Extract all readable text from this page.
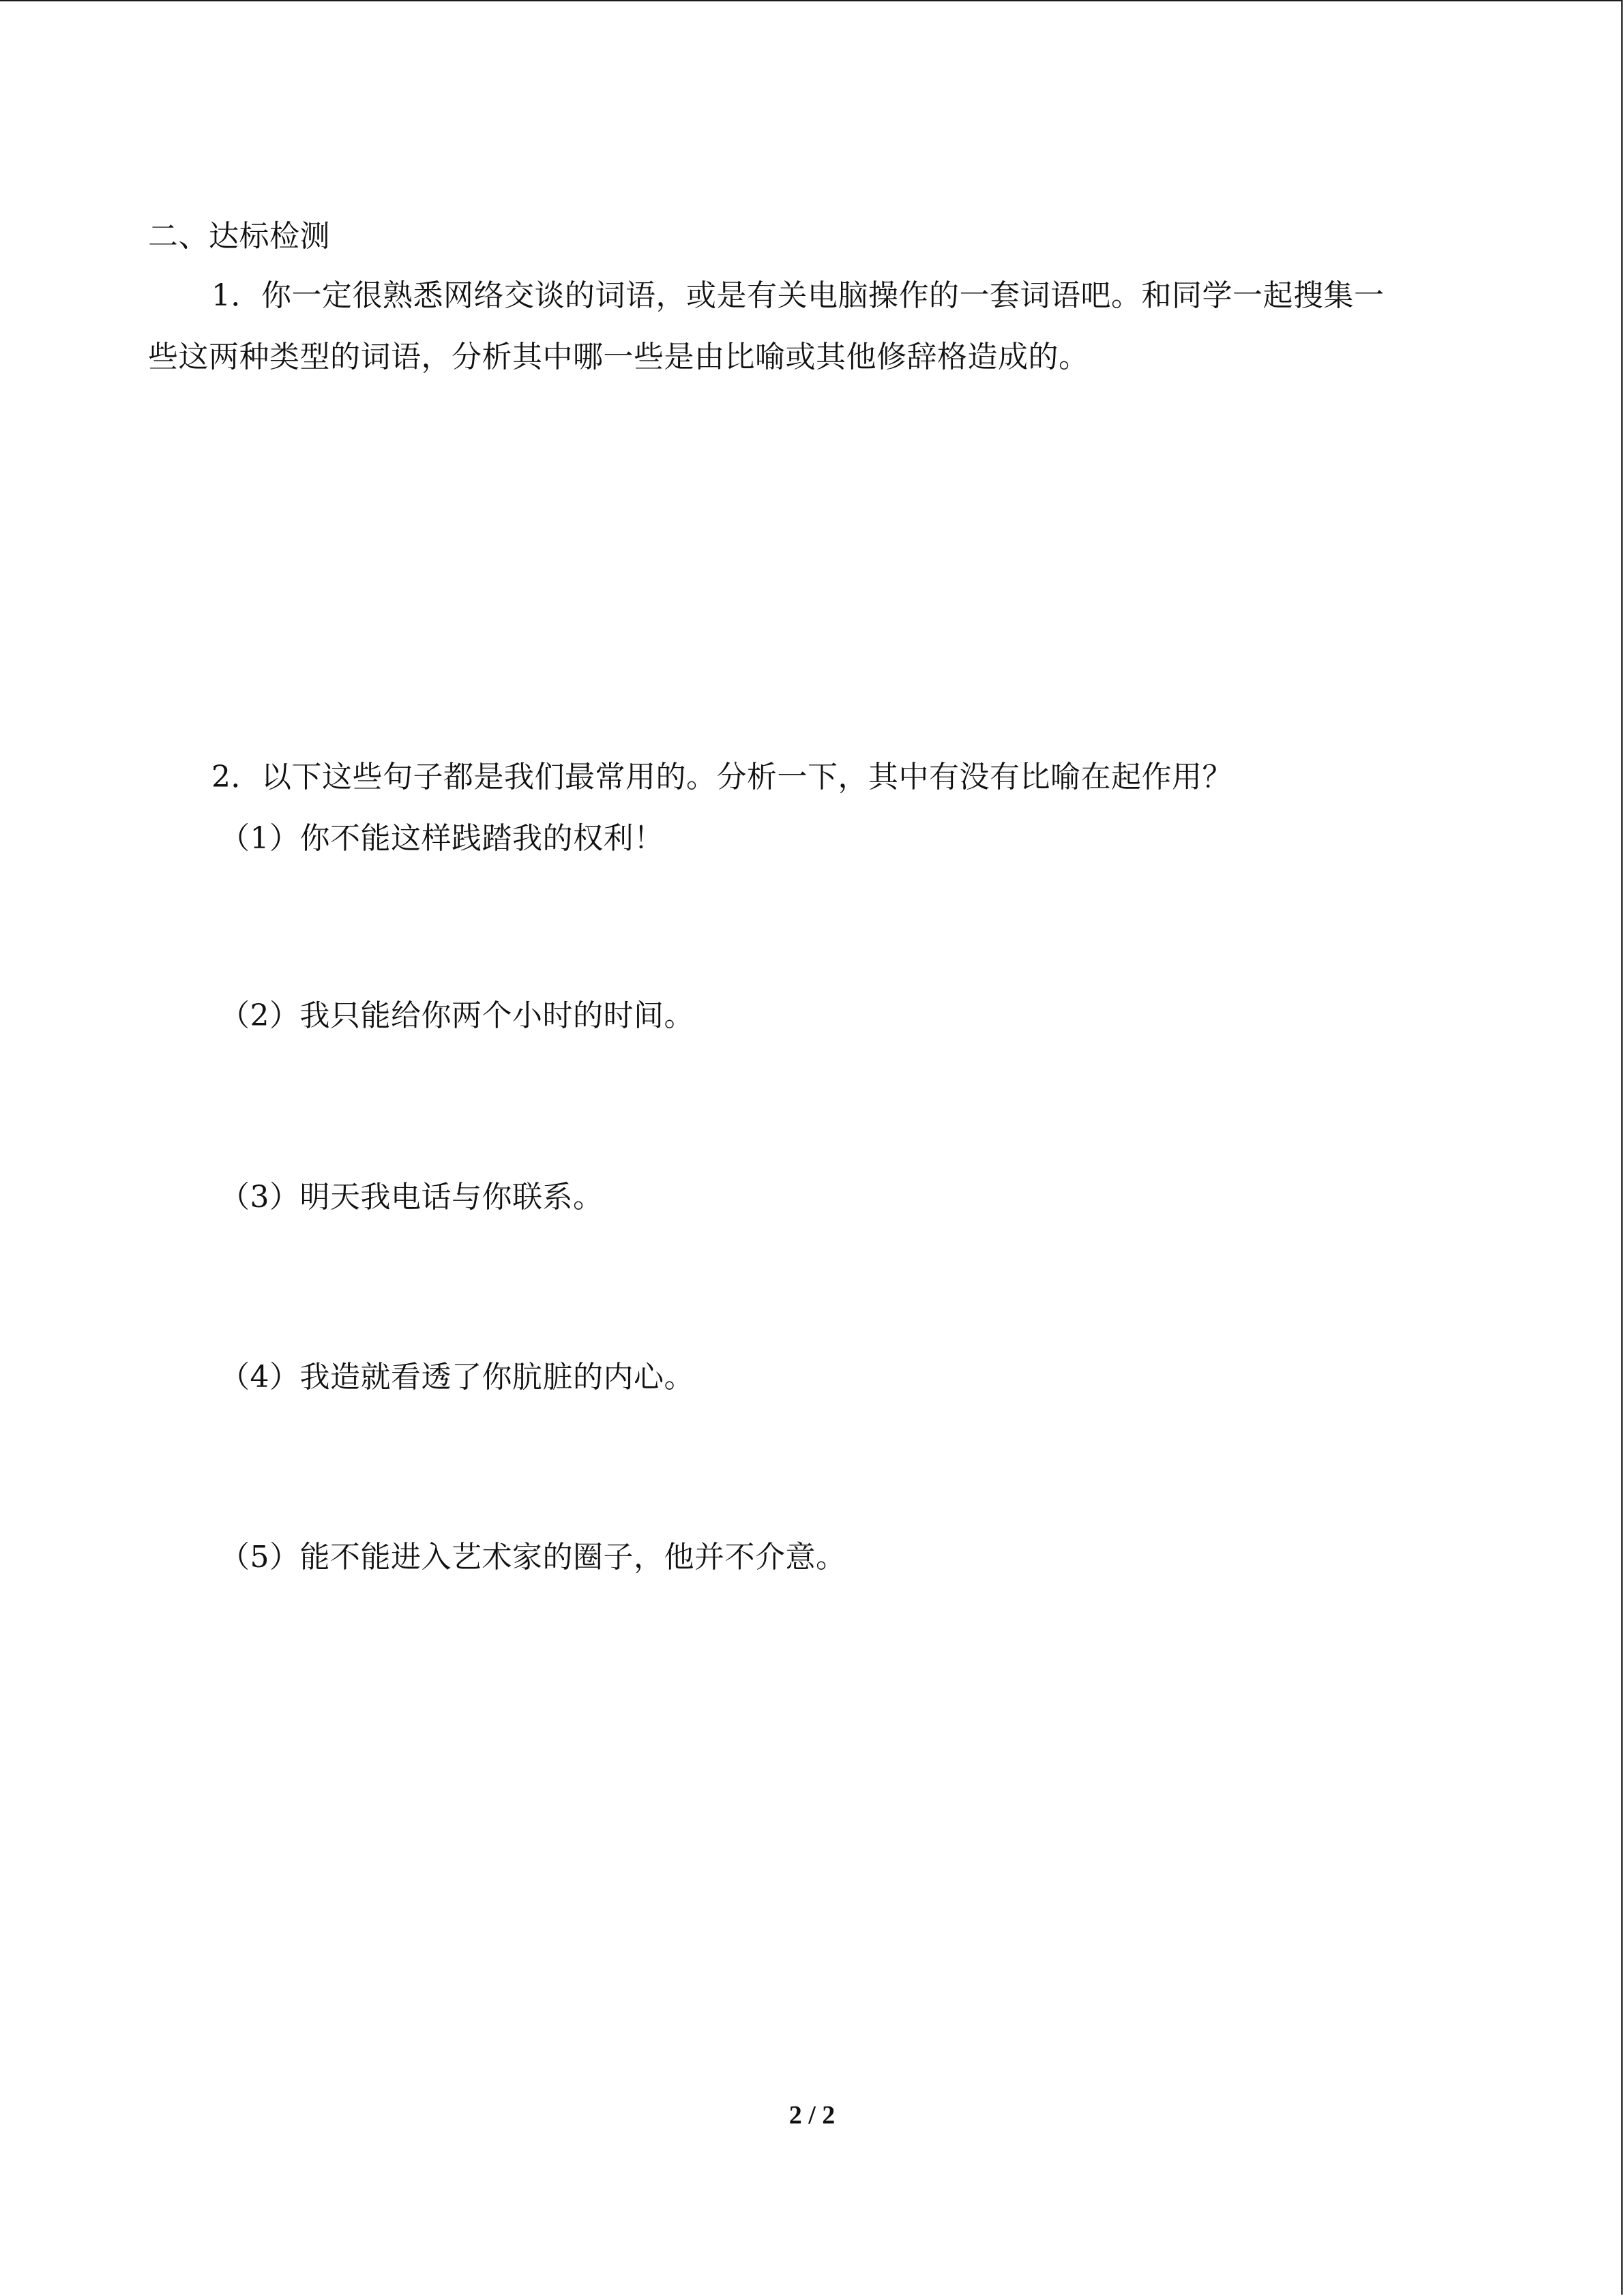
二、达标检测
1．你一定很熟悉网络交谈的词语，或是有关电脑操作的一套词语吧。和同学一起搜集一
些这两种类型的词语，分析其中哪一些是由比喻或其他修辞格造成的。
2．以下这些句子都是我们最常用的。分析一下，其中有没有比喻在起作用？
（1）你不能这样践踏我的权利！
（2）我只能给你两个小时的时间。
（3）明天我电话与你联系。
（4）我造就看透了你肮脏的内心。
（5）能不能进入艺术家的圈子，他并不介意。
2 / 2
